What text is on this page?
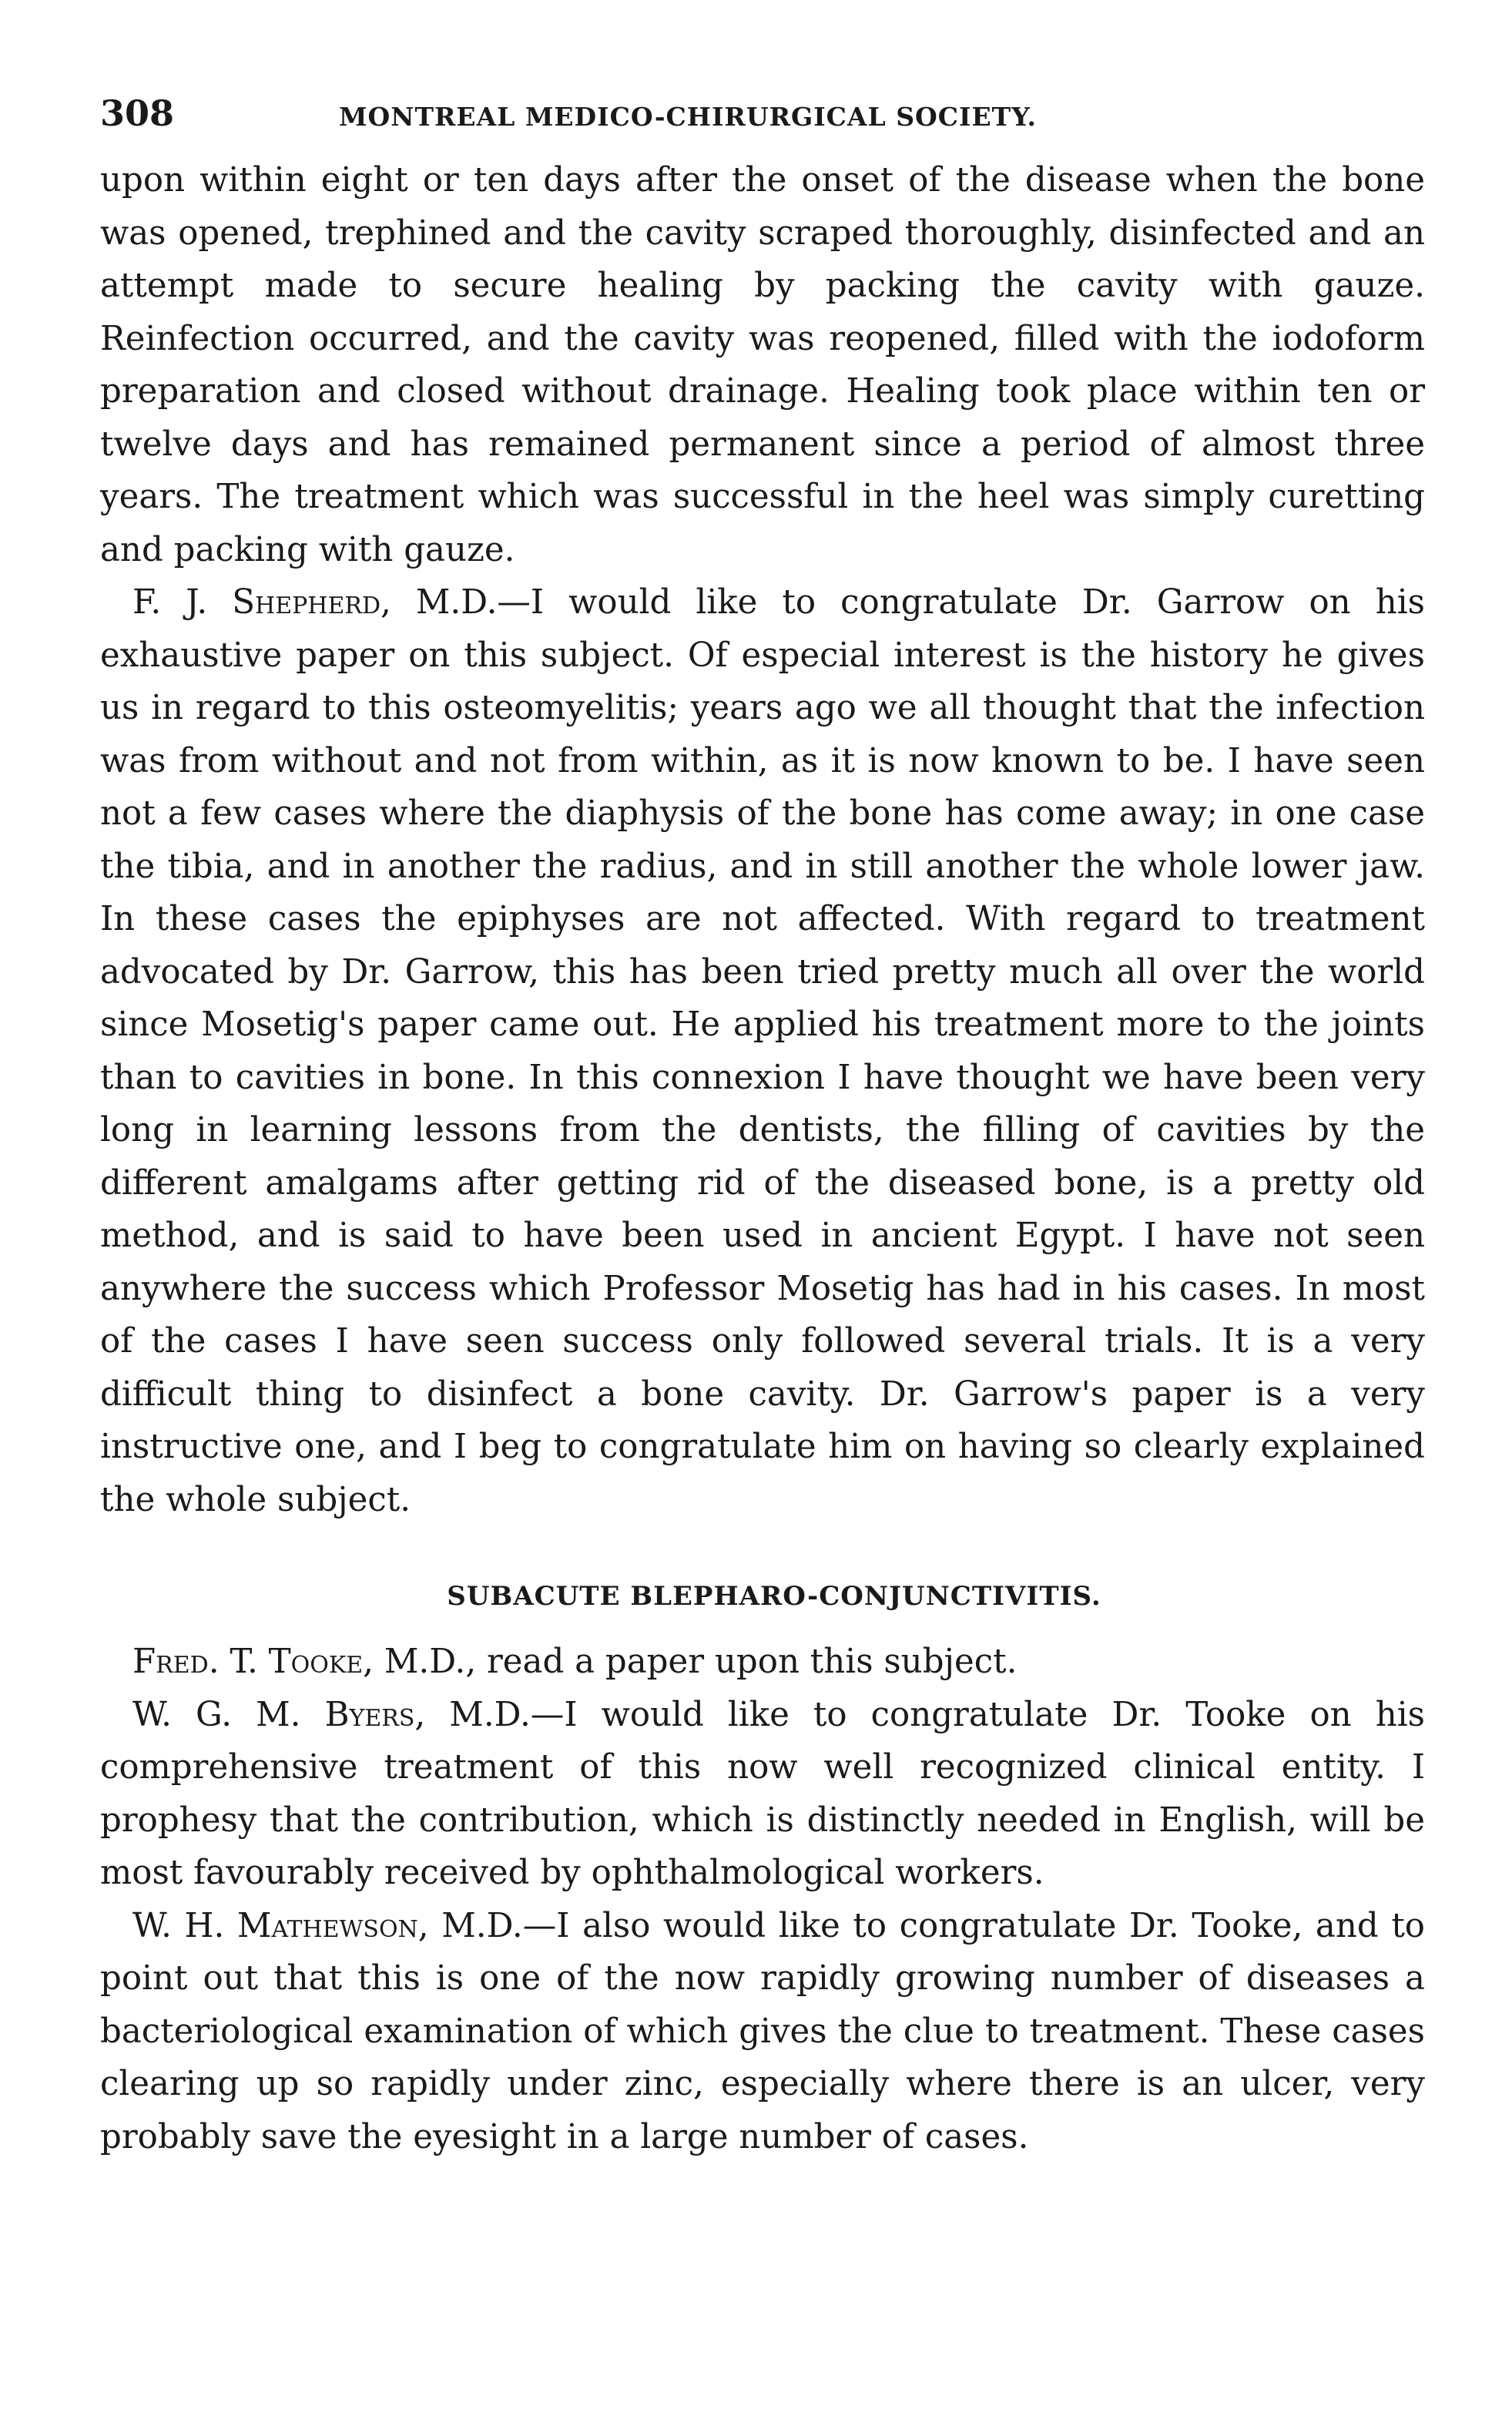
308	MONTREAL MEDICO-CHIRURGICAL SOCIETY.

upon within eight or ten days after the onset of the disease when the bone was opened, trephined and the cavity scraped thoroughly, disinfected and an attempt made to secure healing by packing the cavity with gauze. Reinfection occurred, and the cavity was reopened, filled with the iodoform preparation and closed without drainage. Healing took place within ten or twelve days and has remained permanent since a period of almost three years. The treatment which was successful in the heel was simply curetting and packing with gauze.

F. J. Shepherd, M.D.—I would like to congratulate Dr. Garrow on his exhaustive paper on this subject. Of especial interest is the history he gives us in regard to this osteomyelitis; years ago we all thought that the infection was from without and not from within, as it is now known to be. I have seen not a few cases where the diaphysis of the bone has come away; in one case the tibia, and in another the radius, and in still another the whole lower jaw. In these cases the epiphyses are not affected. With regard to treatment advocated by Dr. Garrow, this has been tried pretty much all over the world since Mosetig's paper came out. He applied his treatment more to the joints than to cavities in bone. In this connexion I have thought we have been very long in learning lessons from the dentists, the filling of cavities by the different amalgams after getting rid of the diseased bone, is a pretty old method, and is said to have been used in ancient Egypt. I have not seen anywhere the success which Professor Mosetig has had in his cases. In most of the cases I have seen success only followed several trials. It is a very difficult thing to disinfect a bone cavity. Dr. Garrow's paper is a very instructive one, and I beg to congratulate him on having so clearly explained the whole subject.

SUBACUTE BLEPHARO-CONJUNCTIVITIS.

Fred. T. Tooke, M.D., read a paper upon this subject.

W. G. M. Byers, M.D.—I would like to congratulate Dr. Tooke on his comprehensive treatment of this now well recognized clinical entity. I prophesy that the contribution, which is distinctly needed in English, will be most favourably received by ophthalmological workers.

W. H. Mathewson, M.D.—I also would like to congratulate Dr. Tooke, and to point out that this is one of the now rapidly growing number of diseases a bacteriological examination of which gives the clue to treatment. These cases clearing up so rapidly under zinc, especially where there is an ulcer, very probably save the eyesight in a large number of cases.
